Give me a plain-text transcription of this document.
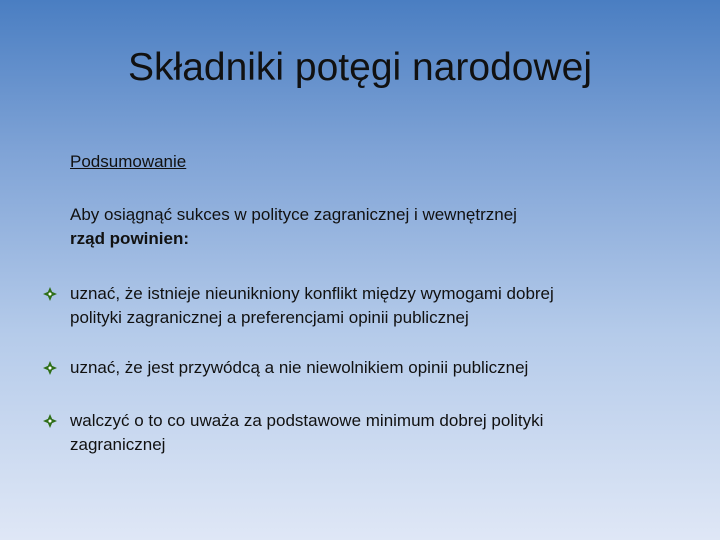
Składniki potęgi narodowej
Podsumowanie
Aby osiągnąć sukces w polityce zagranicznej i wewnętrznej
rząd powinien:
uznać, że istnieje nieunikniony konflikt między wymogami dobrej
polityki zagranicznej a preferencjami opinii publicznej
uznać, że jest przywódcą a nie niewolnikiem opinii publicznej
walczyć o to co uważa za podstawowe minimum dobrej polityki
zagranicznej
